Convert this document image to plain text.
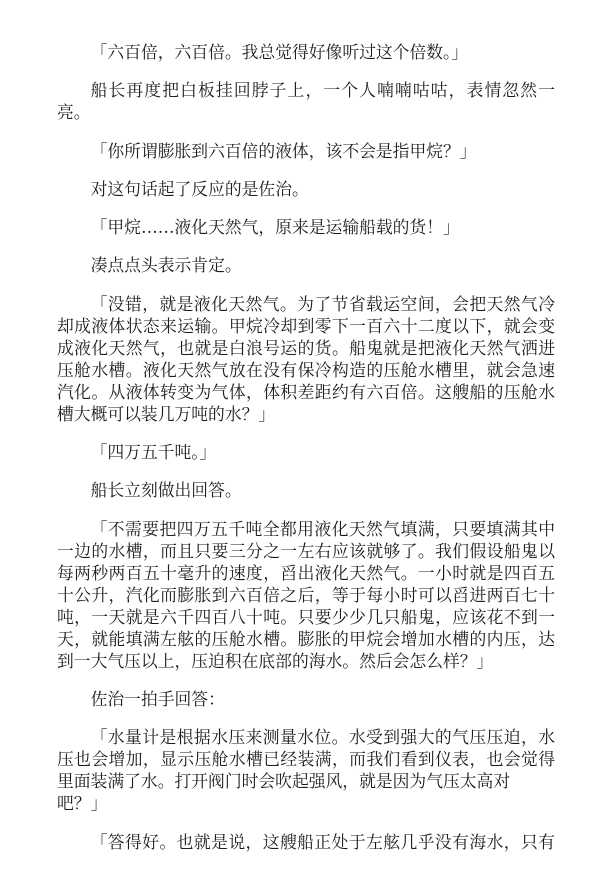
「六百倍，六百倍。我总觉得好像听过这个倍数。」

船长再度把白板挂回脖子上，一个人喃喃咕咕，表情忽然一
亮。

「你所谓膨胀到六百倍的液体，该不会是指甲烷？」

对这句话起了反应的是佐治。

「甲烷……液化天然气，原来是运输船载的货！」

凑点点头表示肯定。

「没错，就是液化天然气。为了节省载运空间，会把天然气冷
却成液体状态来运输。甲烷冷却到零下一百六十二度以下，就会变
成液化天然气，也就是白浪号运的货。船鬼就是把液化天然气洒进
压舱水槽。液化天然气放在没有保冷构造的压舱水槽里，就会急速
汽化。从液体转变为气体，体积差距约有六百倍。这艘船的压舱水
槽大概可以装几万吨的水？」

「四万五千吨。」

船长立刻做出回答。

「不需要把四万五千吨全都用液化天然气填满，只要填满其中
一边的水槽，而且只要三分之一左右应该就够了。我们假设船鬼以
每两秒两百五十毫升的速度，舀出液化天然气。一小时就是四百五
十公升，汽化而膨胀到六百倍之后，等于每小时可以舀进两百七十
吨，一天就是六千四百八十吨。只要少少几只船鬼，应该花不到一
天，就能填满左舷的压舱水槽。膨胀的甲烷会增加水槽的内压，达
到一大气压以上，压迫积在底部的海水。然后会怎么样？」

佐治一拍手回答：

「水量计是根据水压来测量水位。水受到强大的气压压迫，水
压也会增加，显示压舱水槽已经装满，而我们看到仪表，也会觉得
里面装满了水。打开阀门时会吹起强风，就是因为气压太高对
吧？」

「答得好。也就是说，这艘船正处于左舷几乎没有海水，只有
